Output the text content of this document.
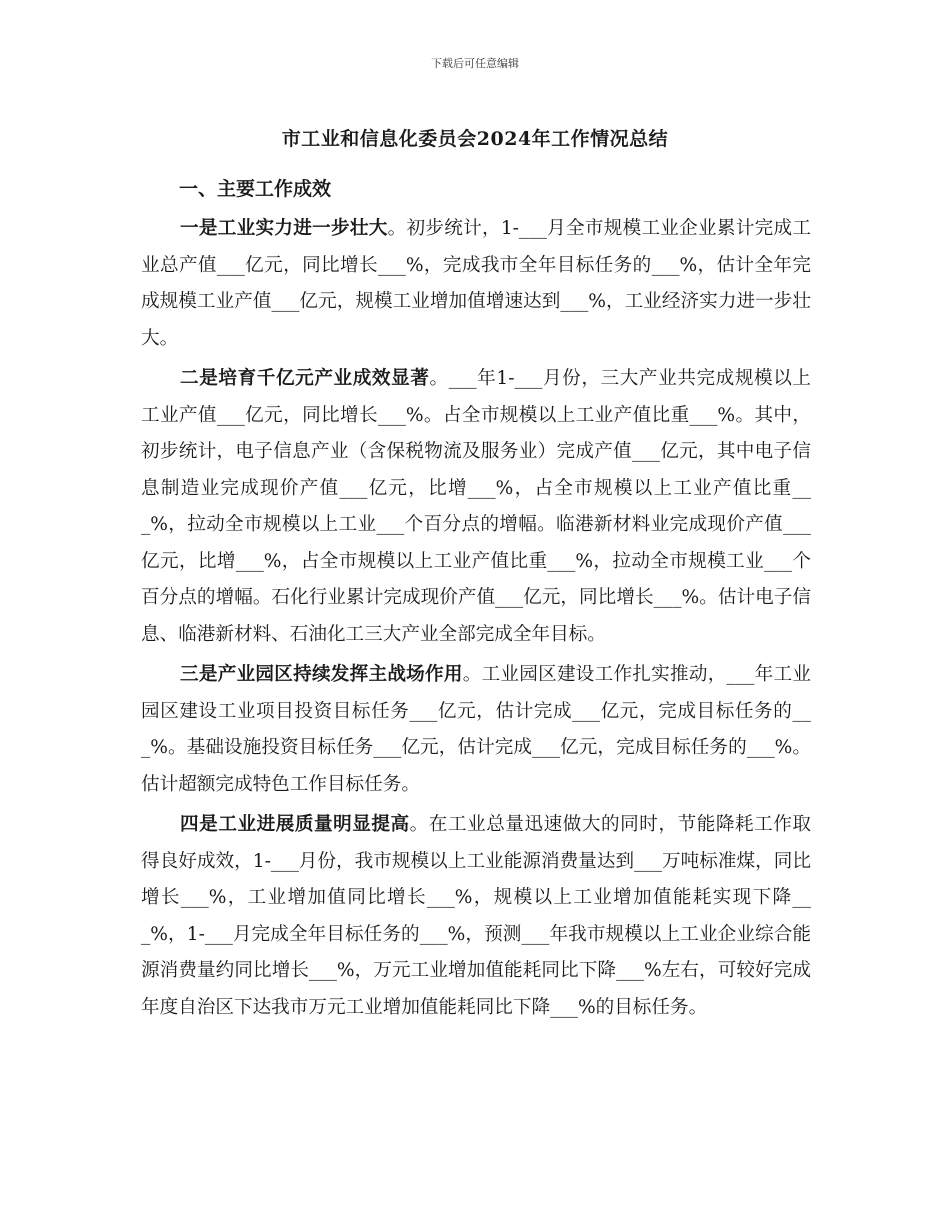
下载后可任意编辑
市工业和信息化委员会2024年工作情况总结
一、主要工作成效

一是工业实力进一步壮大。初步统计，1-___月全市规模工业企业累计完成工业总产值___亿元，同比增长___%，完成我市全年目标任务的___%，估计全年完成规模工业产值___亿元，规模工业增加值增速达到___%，工业经济实力进一步壮大。

二是培育千亿元产业成效显著。___年1-___月份，三大产业共完成规模以上工业产值___亿元，同比增长___%。占全市规模以上工业产值比重___%。其中，初步统计，电子信息产业（含保税物流及服务业）完成产值___亿元，其中电子信息制造业完成现价产值___亿元，比增___%，占全市规模以上工业产值比重___%，拉动全市规模以上工业___个百分点的增幅。临港新材料业完成现价产值___亿元，比增___%，占全市规模以上工业产值比重___%，拉动全市规模工业___个百分点的增幅。石化行业累计完成现价产值___亿元，同比增长___%。估计电子信息、临港新材料、石油化工三大产业全部完成全年目标。

三是产业园区持续发挥主战场作用。工业园区建设工作扎实推动，___年工业园区建设工业项目投资目标任务___亿元，估计完成___亿元，完成目标任务的___%。基础设施投资目标任务___亿元，估计完成___亿元，完成目标任务的___%。估计超额完成特色工作目标任务。

四是工业进展质量明显提高。在工业总量迅速做大的同时，节能降耗工作取得良好成效，1-___月份，我市规模以上工业能源消费量达到___万吨标准煤，同比增长___%，工业增加值同比增长___%，规模以上工业增加值能耗实现下降___%，1-___月完成全年目标任务的___%，预测___年我市规模以上工业企业综合能源消费量约同比增长___%，万元工业增加值能耗同比下降___%左右，可较好完成年度自治区下达我市万元工业增加值能耗同比下降___%的目标任务。
